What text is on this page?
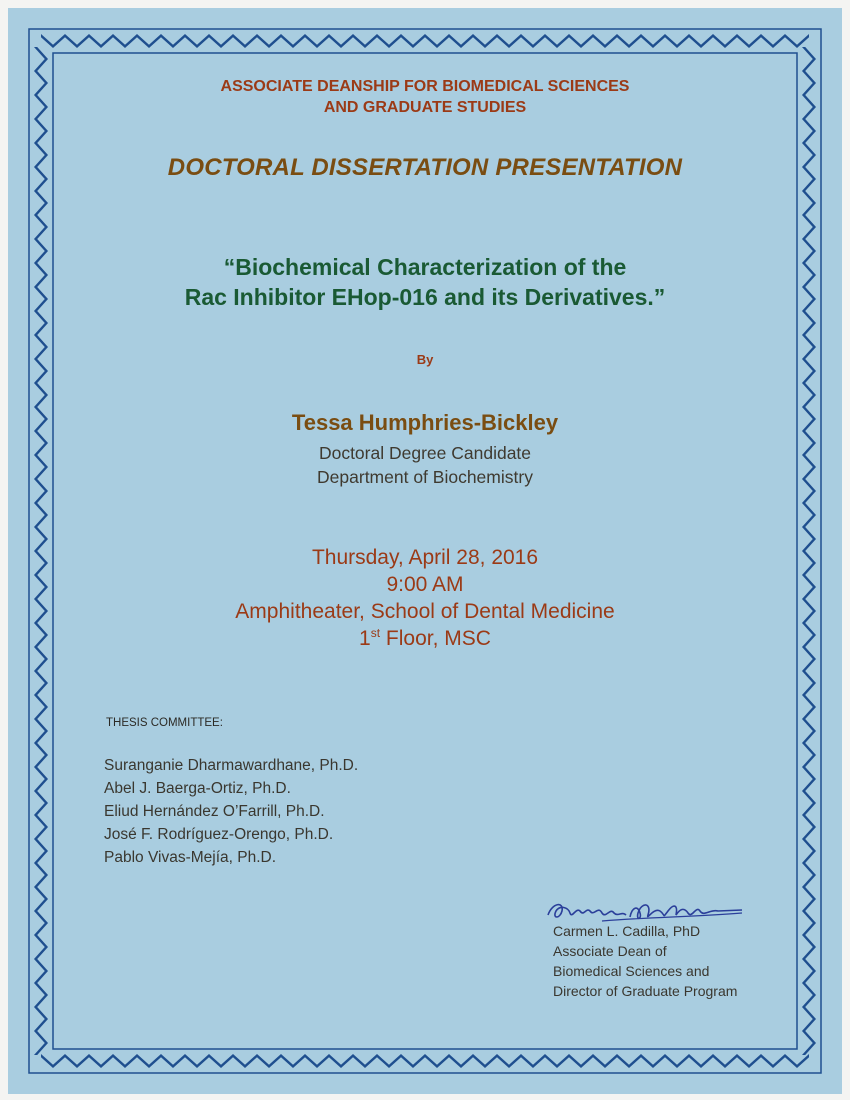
ASSOCIATE DEANSHIP FOR BIOMEDICAL SCIENCES
AND GRADUATE STUDIES
DOCTORAL DISSERTATION PRESENTATION
“Biochemical Characterization of the
Rac Inhibitor EHop-016 and its Derivatives.”
By
Tessa Humphries-Bickley
Doctoral Degree Candidate
Department of Biochemistry
Thursday, April 28, 2016
9:00 AM
Amphitheater, School of Dental Medicine
1st Floor, MSC
THESIS COMMITTEE:
Suranganie Dharmawardhane, Ph.D.
Abel J. Baerga-Ortiz, Ph.D.
Eliud Hernández O’Farrill, Ph.D.
José F. Rodríguez-Orengo, Ph.D.
Pablo Vivas-Mejía, Ph.D.
Carmen L. Cadilla, PhD
Associate Dean of
Biomedical Sciences and
Director of Graduate Program
